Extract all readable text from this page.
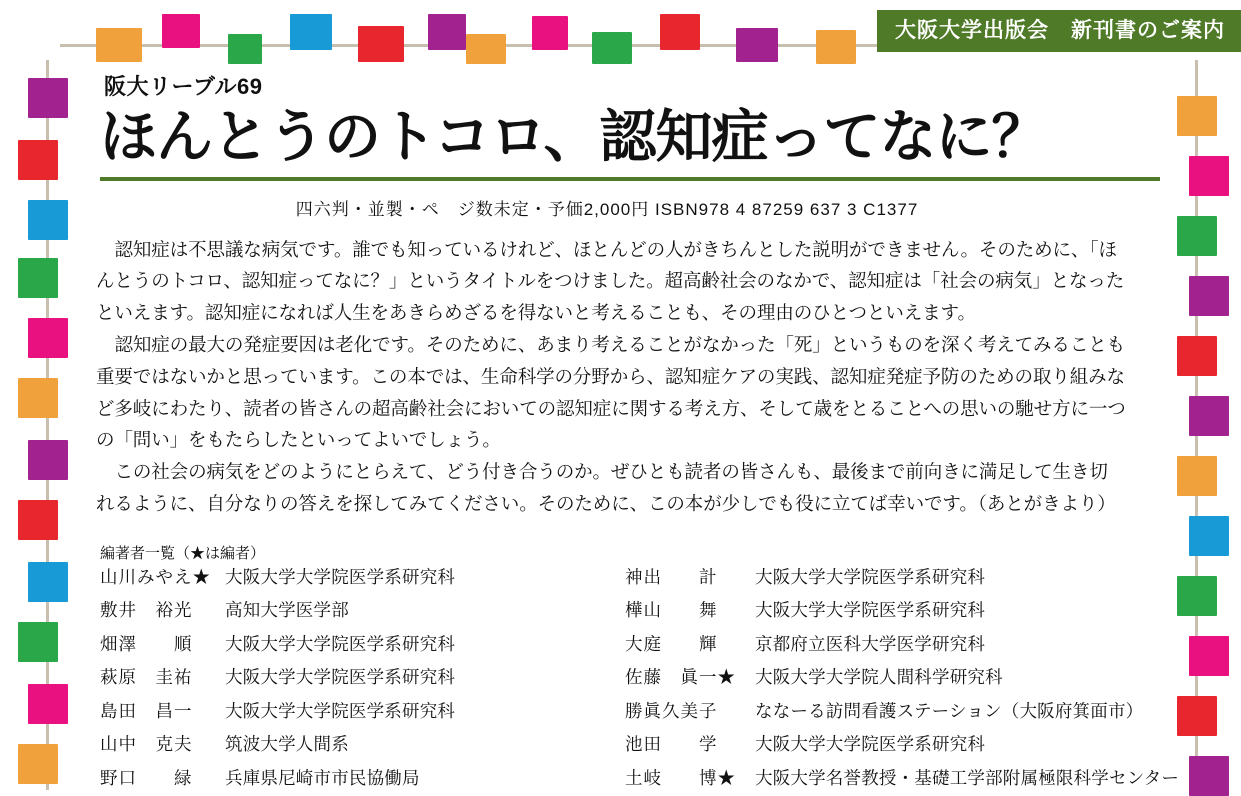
大阪大学出版会　新刊書のご案内
阪大リーブル69
ほんとうのトコロ、認知症ってなに？
四六判・並製・ペ　ジ数未定・予価2,000円 ISBN978 4 87259 637 3 C1377

認知症は不思議な病気です。誰でも知っているけれど、ほとんどの人がきちんとした説明ができません。そのために、「ほんとうのトコロ、認知症ってなに？」というタイトルをつけました。超高齢社会のなかで、認知症は「社会の病気」となったといえます。認知症になれば人生をあきらめざるを得ないと考えることも、その理由のひとつといえます。

認知症の最大の発症要因は老化です。そのために、あまり考えることがなかった「死」というものを深く考えてみることも重要ではないかと思っています。この本では、生命科学の分野から、認知症ケアの実践、認知症発症予防のための取り組みなど多岐にわたり、読者の皆さんの超高齢社会においての認知症に関する考え方、そして歳をとることへの思いの馳せ方に一つの「問い」をもたらしたといってよいでしょう。

この社会の病気をどのようにとらえて、どう付き合うのか。ぜひとも読者の皆さんも、最後まで前向きに満足して生き切れるように、自分なりの答えを探してみてください。そのために、この本が少しでも役に立てば幸いです。（あとがきより）

編著者一覧（★は編者）
山川みやえ★ 大阪大学大学院医学系研究科
敷井　裕光	高知大学医学部
畑澤　　順	大阪大学大学院医学系研究科
萩原　圭祐	大阪大学大学院医学系研究科
島田　昌一	大阪大学大学院医学系研究科
山中　克夫	筑波大学人間系
野口　　緑	兵庫県尼崎市市民協働局
神出　　計	大阪大学大学院医学系研究科
樺山　　舞	大阪大学大学院医学系研究科
大庭　　輝	京都府立医科大学医学研究科
佐藤　眞一★	大阪大学大学院人間科学研究科
勝眞久美子	ななーる訪問看護ステーション（大阪府箕面市）
池田　　学	大阪大学大学院医学系研究科
土岐　　博★	大阪大学名誉教授・基礎工学部附属極限科学センター
